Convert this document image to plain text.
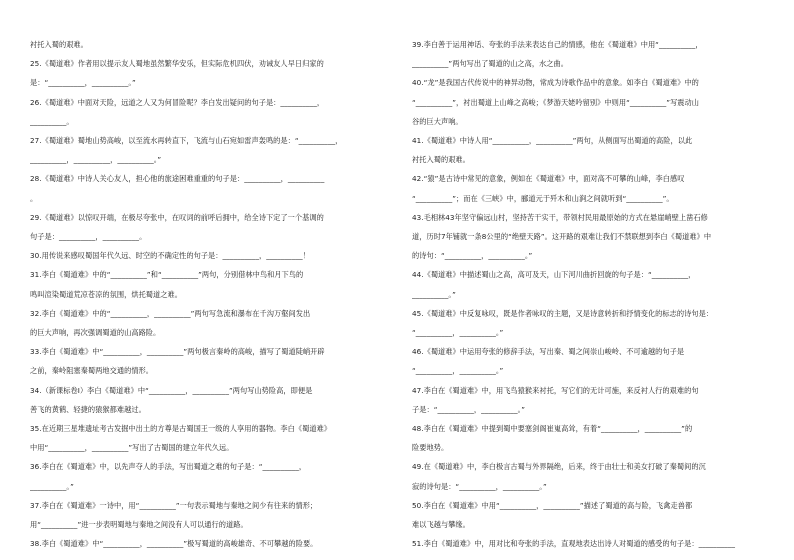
衬托入蜀的艰难。
25.《蜀道难》作者用以提示友人蜀地虽然繁华安乐，但实际危机四伏，劝诫友人早日归家的
是：“__________，__________。”
26.《蜀道难》中面对天险，远道之人又为何冒险呢？李白发出疑问的句子是：__________，
__________。
27.《蜀道难》蜀地山势高峻，以至流水再转直下，飞流与山石宛如雷声轰鸣的是：“__________，
__________，__________，__________。”
28.《蜀道难》中诗人关心友人，担心他的旅途困难重重的句子是：__________，__________
。
29.《蜀道难》以惊叹开端，在极尽夸张中，在叹词的前呼后拥中，给全诗下定了一个基调的
句子是：__________，__________。
30.用传说来感叹蜀国年代久远、时空的不确定性的句子是：__________，__________！
31.李白《蜀道难》中的“__________”和“__________”两句，分别借林中鸟和月下鸟的
鸣叫渲染蜀道荒凉苍凉的氛围，烘托蜀道之难。
32.李白《蜀道难》中的“__________，__________”两句写急流和瀑布在千沟万壑间发出
的巨大声响，再次强调蜀道的山高路险。
33.李白《蜀道难》中“__________，__________”两句极言秦岭的高峻，描写了蜀道陡峭开辟
之前，秦岭阻塞秦蜀两地交通的情形。
34.（新课标卷Ⅰ）李白《蜀道难》中“__________，__________”两句写山势险高，即便是
善飞的黄鹤、轻捷的猿猴都难越过。
35.在近期三星堆遗址考古发掘中出土的方尊是古蜀国王一级的人享用的器物。李白《蜀道难》
中用“__________，__________”写出了古蜀国的建立年代久远。
36.李白在《蜀道难》中，以先声夺人的手法，写出蜀道之难的句子是：“__________，
__________。”
37.李白在《蜀道难》一诗中，用“__________”一句表示蜀地与秦地之间少有往来的情形；
用“__________”进一步表明蜀地与秦地之间没有人可以通行的道路。
38.李白《蜀道难》中“__________，__________”极写蜀道的高峻雄奇、不可攀越的险要。
39.李白善于运用神话、夸张的手法来表达自己的情感，他在《蜀道难》中用“__________，
__________”两句写出了蜀道的山之高，水之曲。
40.“龙”是我国古代传说中的神异动物，常成为诗歌作品中的意象。如李白《蜀道难》中的
“__________”，衬出蜀道上山峰之高峻；《梦游天姥吟留别》中则用“__________”写震动山
谷的巨大声响。
41.《蜀道难》中诗人用“__________，__________”两句，从侧面写出蜀道的高险，以此
衬托入蜀的艰难。
42.“猿”是古诗中常见的意象，例如在《蜀道难》中，面对高不可攀的山峰，李白感叹
“__________”；而在《三峡》中，郦道元于歼木和山涧之间就听到“__________”。
43.毛相林43年坚守偏远山村，坚持苦干实干，带领村民用最原始的方式在悬崖峭壁上凿石修
道，历时7年铺就一条8公里的“绝壁天路”。这开路的艰难让我们不禁联想到李白《蜀道难》中
的诗句：“__________，__________。”
44.《蜀道难》中描述蜀山之高，高可及天，山下河川曲折回旋的句子是：“__________，
__________。”
45.《蜀道难》中反复咏叹，既是作者咏叹的主题，又是诗意转折和抒情变化的标志的诗句是：
“__________，__________。”
46.《蜀道难》中运用夸张的修辞手法，写出秦、蜀之间崇山峻岭、不可逾越的句子是
“__________，__________。”
47.李白在《蜀道难》中，用飞鸟猿猴来衬托，写它们的无计可施，来反衬人行的艰难的句
子是：“__________，__________。”
48.李白在《蜀道难》中提到蜀中要塞剑阁崔嵬高耸，有着“__________，__________”的
险要地势。
49.在《蜀道难》中，李白极言古蜀与外界隔绝，后来，终于由壮士和美女打破了秦蜀间的沉
寂的诗句是：“__________，__________。”
50.李白在《蜀道难》中用“__________，__________”描述了蜀道的高与险，飞禽走兽都
难以飞越与攀缘。
51.李白《蜀道难》中，用对比和夸张的手法，直观地表达出诗人对蜀道的感受的句子是：__________
